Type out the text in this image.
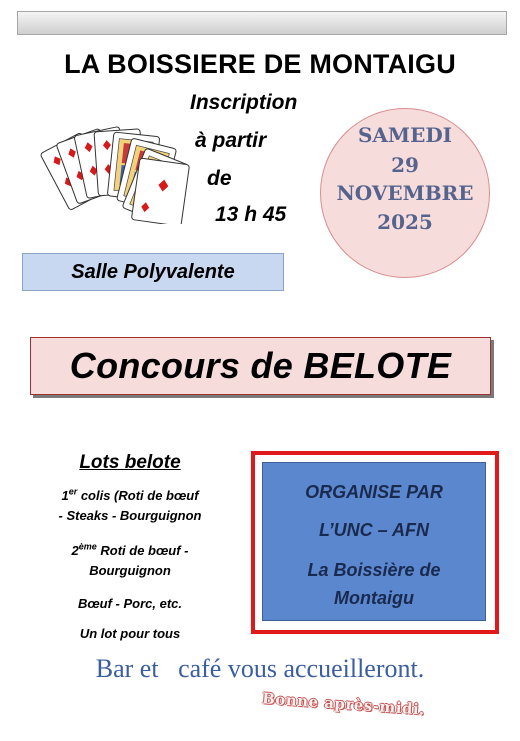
LA BOISSIERE DE MONTAIGU
Inscription
à partir
de
13 h 45
SAMEDI
29
NOVEMBRE
2025
Salle Polyvalente
Concours de BELOTE
Lots belote
1er colis (Roti de bœuf
- Steaks - Bourguignon
2ème Roti de bœuf -
Bourguignon
Bœuf - Porc, etc.
Un lot pour tous
ORGANISE PAR
L’UNC – AFN
La Boissière de
Montaigu
Bar et   café vous accueilleront.
Bonne après-midi.
